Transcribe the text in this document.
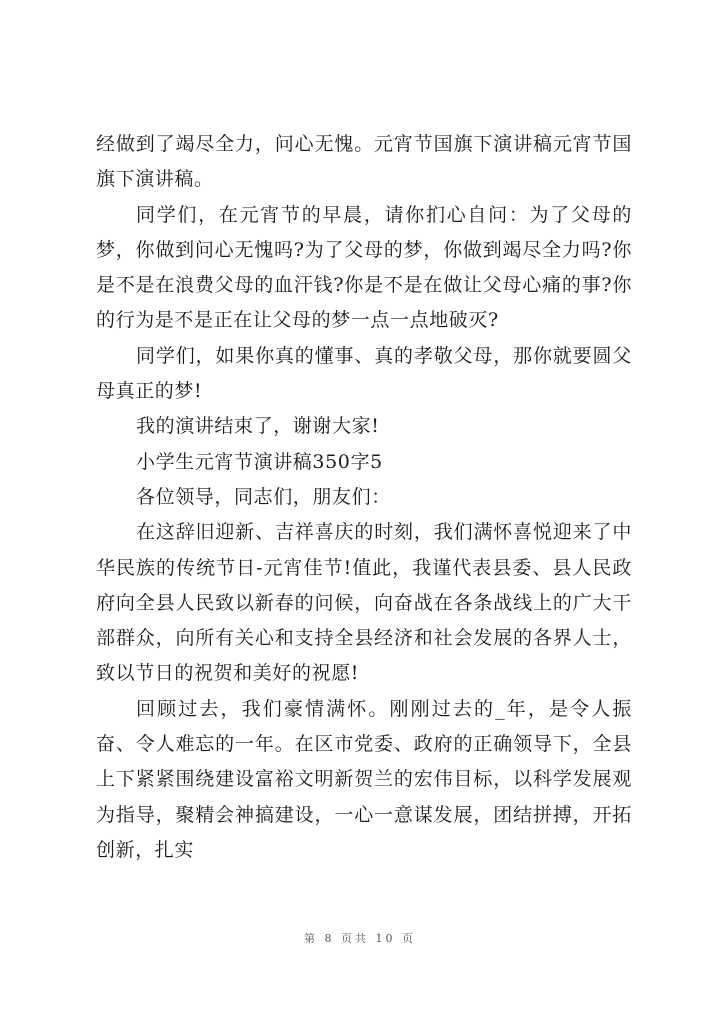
经做到了竭尽全力，问心无愧。元宵节国旗下演讲稿元宵节国旗下演讲稿。

同学们，在元宵节的早晨，请你扪心自问：为了父母的梦，你做到问心无愧吗?为了父母的梦，你做到竭尽全力吗?你是不是在浪费父母的血汗钱?你是不是在做让父母心痛的事?你的行为是不是正在让父母的梦一点一点地破灭?

同学们，如果你真的懂事、真的孝敬父母，那你就要圆父母真正的梦!

我的演讲结束了，谢谢大家!

小学生元宵节演讲稿350字5

各位领导，同志们，朋友们：

在这辞旧迎新、吉祥喜庆的时刻，我们满怀喜悦迎来了中华民族的传统节日-元宵佳节!值此，我谨代表县委、县人民政府向全县人民致以新春的问候，向奋战在各条战线上的广大干部群众，向所有关心和支持全县经济和社会发展的各界人士，致以节日的祝贺和美好的祝愿!

回顾过去，我们豪情满怀。刚刚过去的_年，是令人振奋、令人难忘的一年。在区市党委、政府的正确领导下，全县上下紧紧围绕建设富裕文明新贺兰的宏伟目标，以科学发展观为指导，聚精会神搞建设，一心一意谋发展，团结拼搏，开拓创新，扎实

第 8 页共 10 页
